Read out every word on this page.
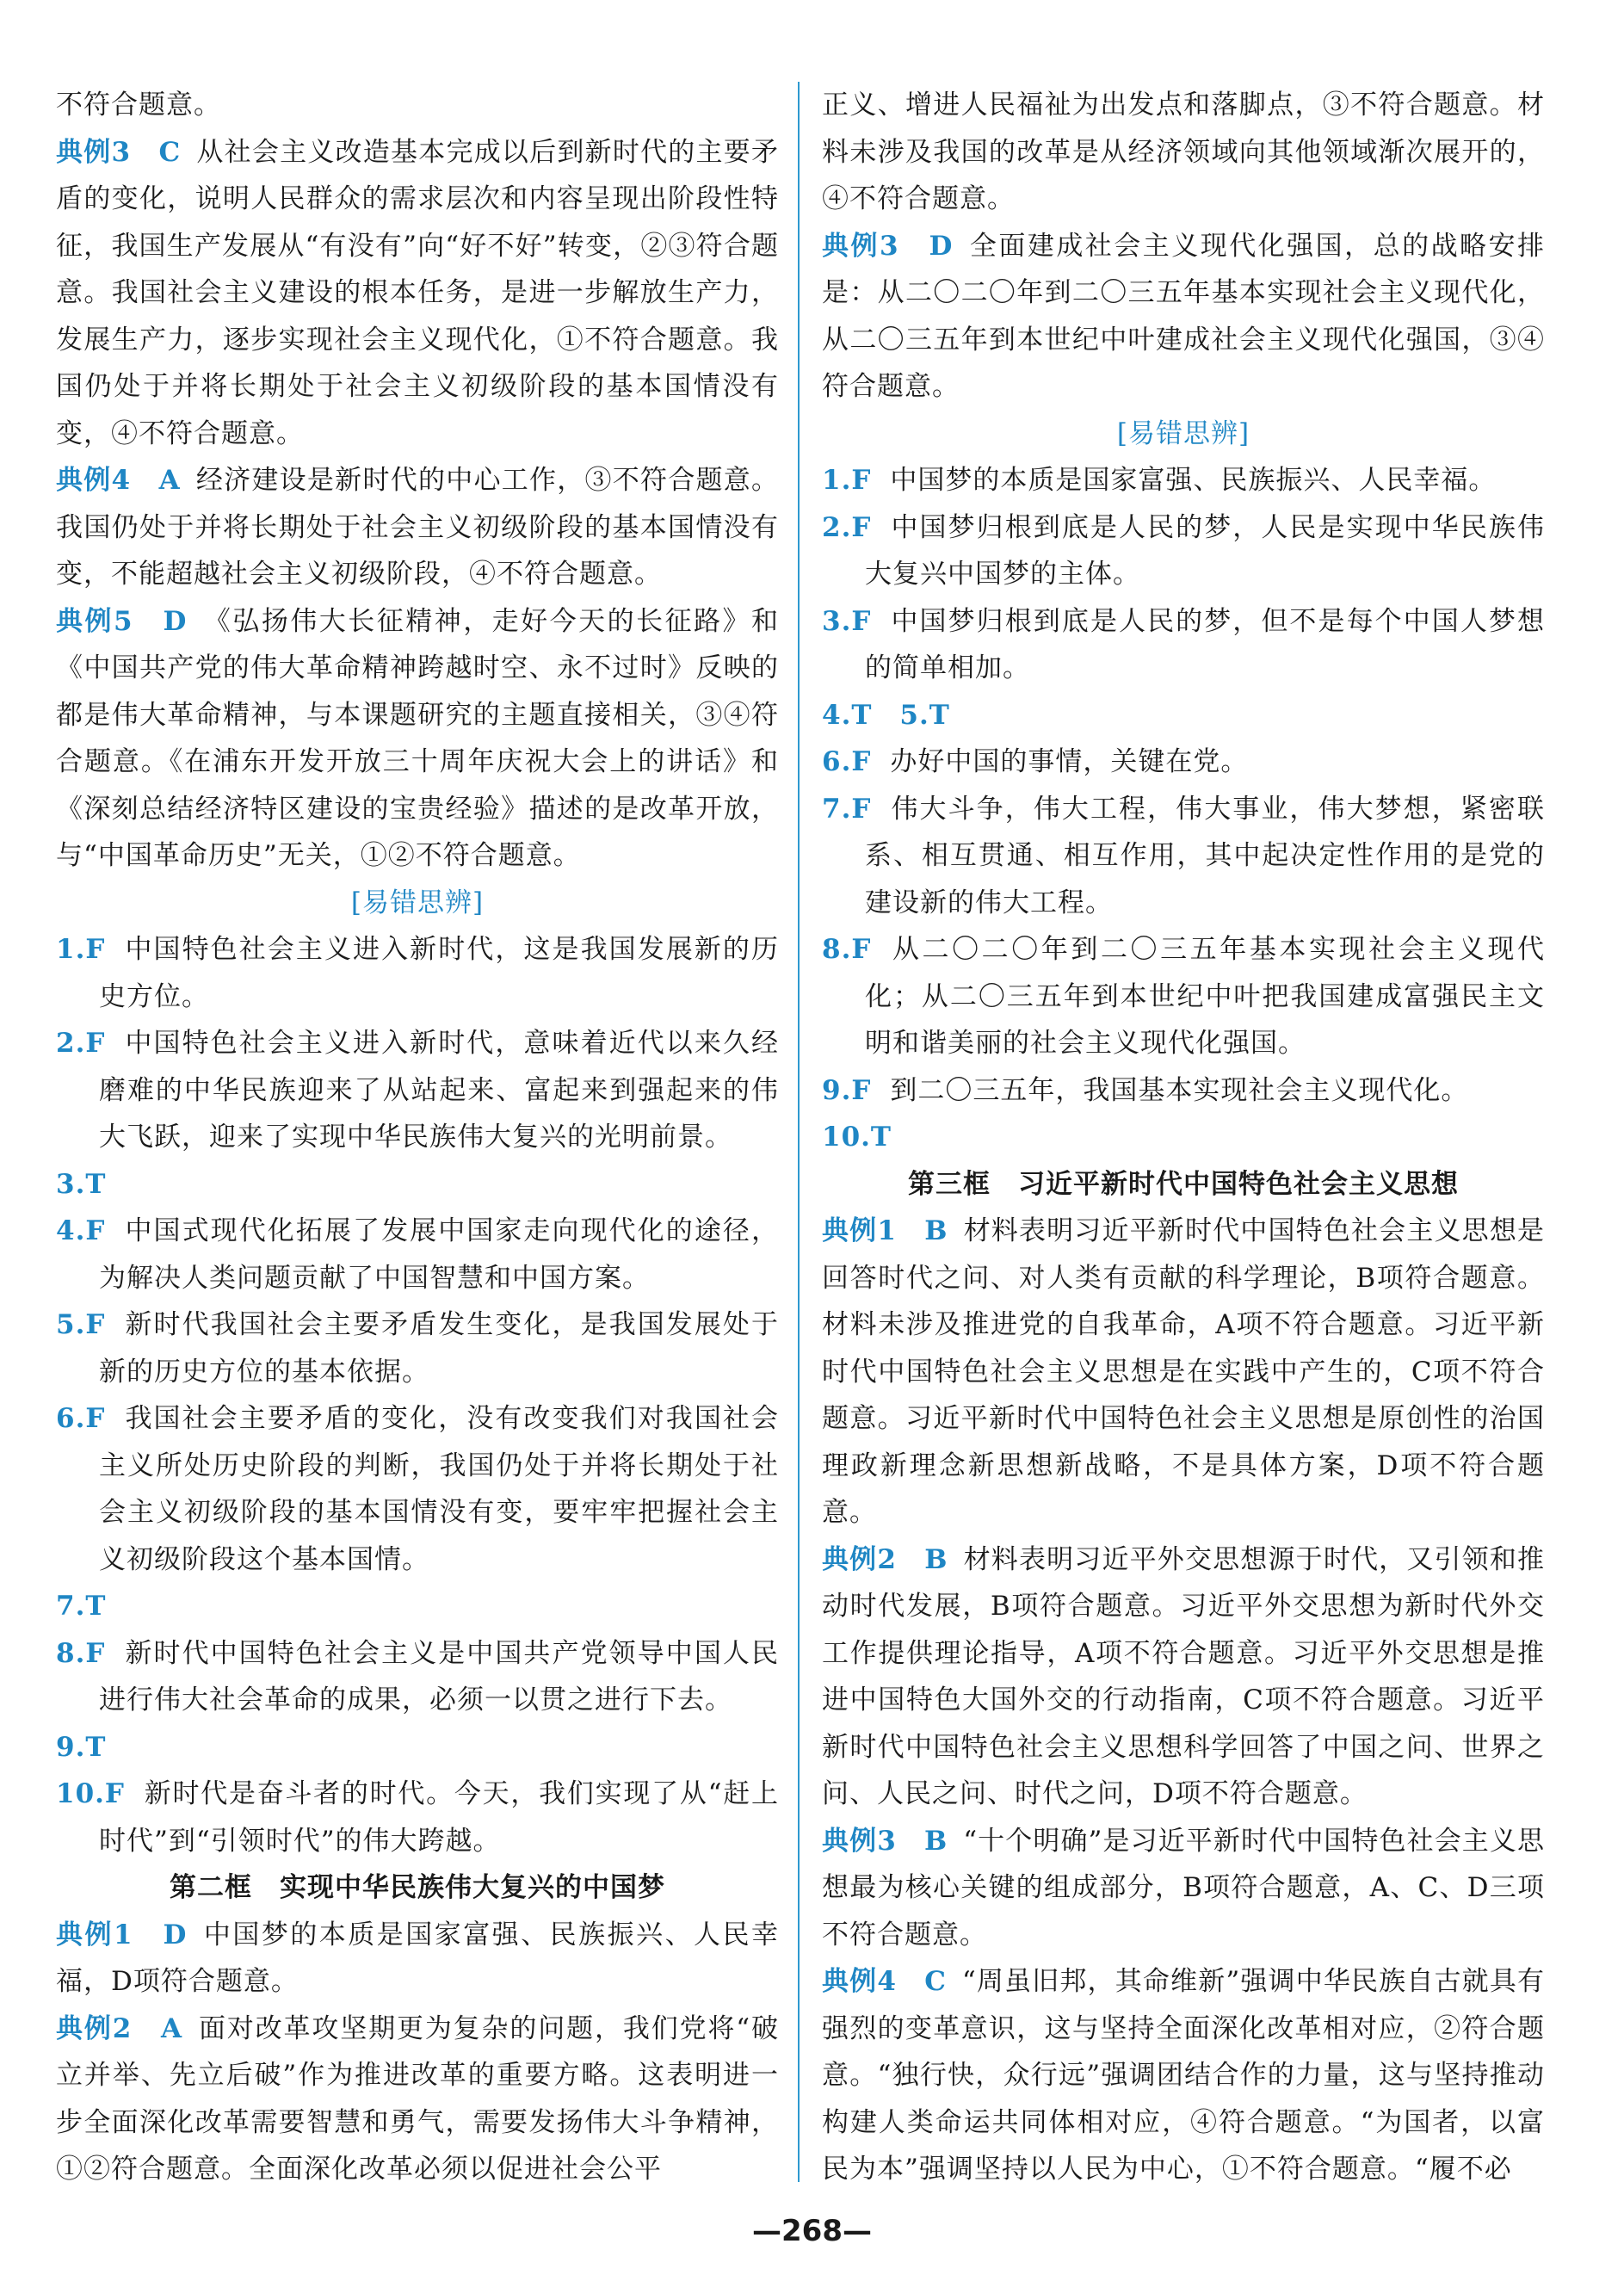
不符合题意。

典例3　C 从社会主义改造基本完成以后到新时代的主要矛盾的变化，说明人民群众的需求层次和内容呈现出阶段性特征，我国生产发展从“有没有”向“好不好”转变，②③符合题意。我国社会主义建设的根本任务，是进一步解放生产力，发展生产力，逐步实现社会主义现代化，①不符合题意。我国仍处于并将长期处于社会主义初级阶段的基本国情没有变，④不符合题意。

典例4　A 经济建设是新时代的中心工作，③不符合题意。我国仍处于并将长期处于社会主义初级阶段的基本国情没有变，不能超越社会主义初级阶段，④不符合题意。

典例5　D 《弘扬伟大长征精神，走好今天的长征路》和《中国共产党的伟大革命精神跨越时空、永不过时》反映的都是伟大革命精神，与本课题研究的主题直接相关，③④符合题意。《在浦东开发开放三十周年庆祝大会上的讲话》和《深刻总结经济特区建设的宝贵经验》描述的是改革开放，与“中国革命历史”无关，①②不符合题意。

[易错思辨]

1.F 中国特色社会主义进入新时代，这是我国发展新的历史方位。

2.F 中国特色社会主义进入新时代，意味着近代以来久经磨难的中华民族迎来了从站起来、富起来到强起来的伟大飞跃，迎来了实现中华民族伟大复兴的光明前景。

3.T

4.F 中国式现代化拓展了发展中国家走向现代化的途径，为解决人类问题贡献了中国智慧和中国方案。

5.F 新时代我国社会主要矛盾发生变化，是我国发展处于新的历史方位的基本依据。

6.F 我国社会主要矛盾的变化，没有改变我们对我国社会主义所处历史阶段的判断，我国仍处于并将长期处于社会主义初级阶段的基本国情没有变，要牢牢把握社会主义初级阶段这个基本国情。

7.T

8.F 新时代中国特色社会主义是中国共产党领导中国人民进行伟大社会革命的成果，必须一以贯之进行下去。

9.T

10.F 新时代是奋斗者的时代。今天，我们实现了从“赶上时代”到“引领时代”的伟大跨越。

第二框　实现中华民族伟大复兴的中国梦

典例1　D 中国梦的本质是国家富强、民族振兴、人民幸福，D项符合题意。

典例2　A 面对改革攻坚期更为复杂的问题，我们党将“破立并举、先立后破”作为推进改革的重要方略。这表明进一步全面深化改革需要智慧和勇气，需要发扬伟大斗争精神，①②符合题意。全面深化改革必须以促进社会公平

正义、增进人民福祉为出发点和落脚点，③不符合题意。材料未涉及我国的改革是从经济领域向其他领域渐次展开的，④不符合题意。

典例3　D 全面建成社会主义现代化强国，总的战略安排是：从二〇二〇年到二〇三五年基本实现社会主义现代化，从二〇三五年到本世纪中叶建成社会主义现代化强国，③④符合题意。

[易错思辨]

1.F 中国梦的本质是国家富强、民族振兴、人民幸福。

2.F 中国梦归根到底是人民的梦，人民是实现中华民族伟大复兴中国梦的主体。

3.F 中国梦归根到底是人民的梦，但不是每个中国人梦想的简单相加。

4.T　5.T

6.F 办好中国的事情，关键在党。

7.F 伟大斗争，伟大工程，伟大事业，伟大梦想，紧密联系、相互贯通、相互作用，其中起决定性作用的是党的建设新的伟大工程。

8.F 从二〇二〇年到二〇三五年基本实现社会主义现代化；从二〇三五年到本世纪中叶把我国建成富强民主文明和谐美丽的社会主义现代化强国。

9.F 到二〇三五年，我国基本实现社会主义现代化。

10.T

第三框　习近平新时代中国特色社会主义思想

典例1　B 材料表明习近平新时代中国特色社会主义思想是回答时代之问、对人类有贡献的科学理论，B项符合题意。材料未涉及推进党的自我革命，A项不符合题意。习近平新时代中国特色社会主义思想是在实践中产生的，C项不符合题意。习近平新时代中国特色社会主义思想是原创性的治国理政新理念新思想新战略，不是具体方案，D项不符合题意。

典例2　B 材料表明习近平外交思想源于时代，又引领和推动时代发展，B项符合题意。习近平外交思想为新时代外交工作提供理论指导，A项不符合题意。习近平外交思想是推进中国特色大国外交的行动指南，C项不符合题意。习近平新时代中国特色社会主义思想科学回答了中国之问、世界之问、人民之问、时代之问，D项不符合题意。

典例3　B “十个明确”是习近平新时代中国特色社会主义思想最为核心关键的组成部分，B项符合题意，A、C、D三项不符合题意。

典例4　C “周虽旧邦，其命维新”强调中华民族自古就具有强烈的变革意识，这与坚持全面深化改革相对应，②符合题意。“独行快，众行远”强调团结合作的力量，这与坚持推动构建人类命运共同体相对应，④符合题意。“为国者，以富民为本”强调坚持以人民为中心，①不符合题意。“履不必

—268—
